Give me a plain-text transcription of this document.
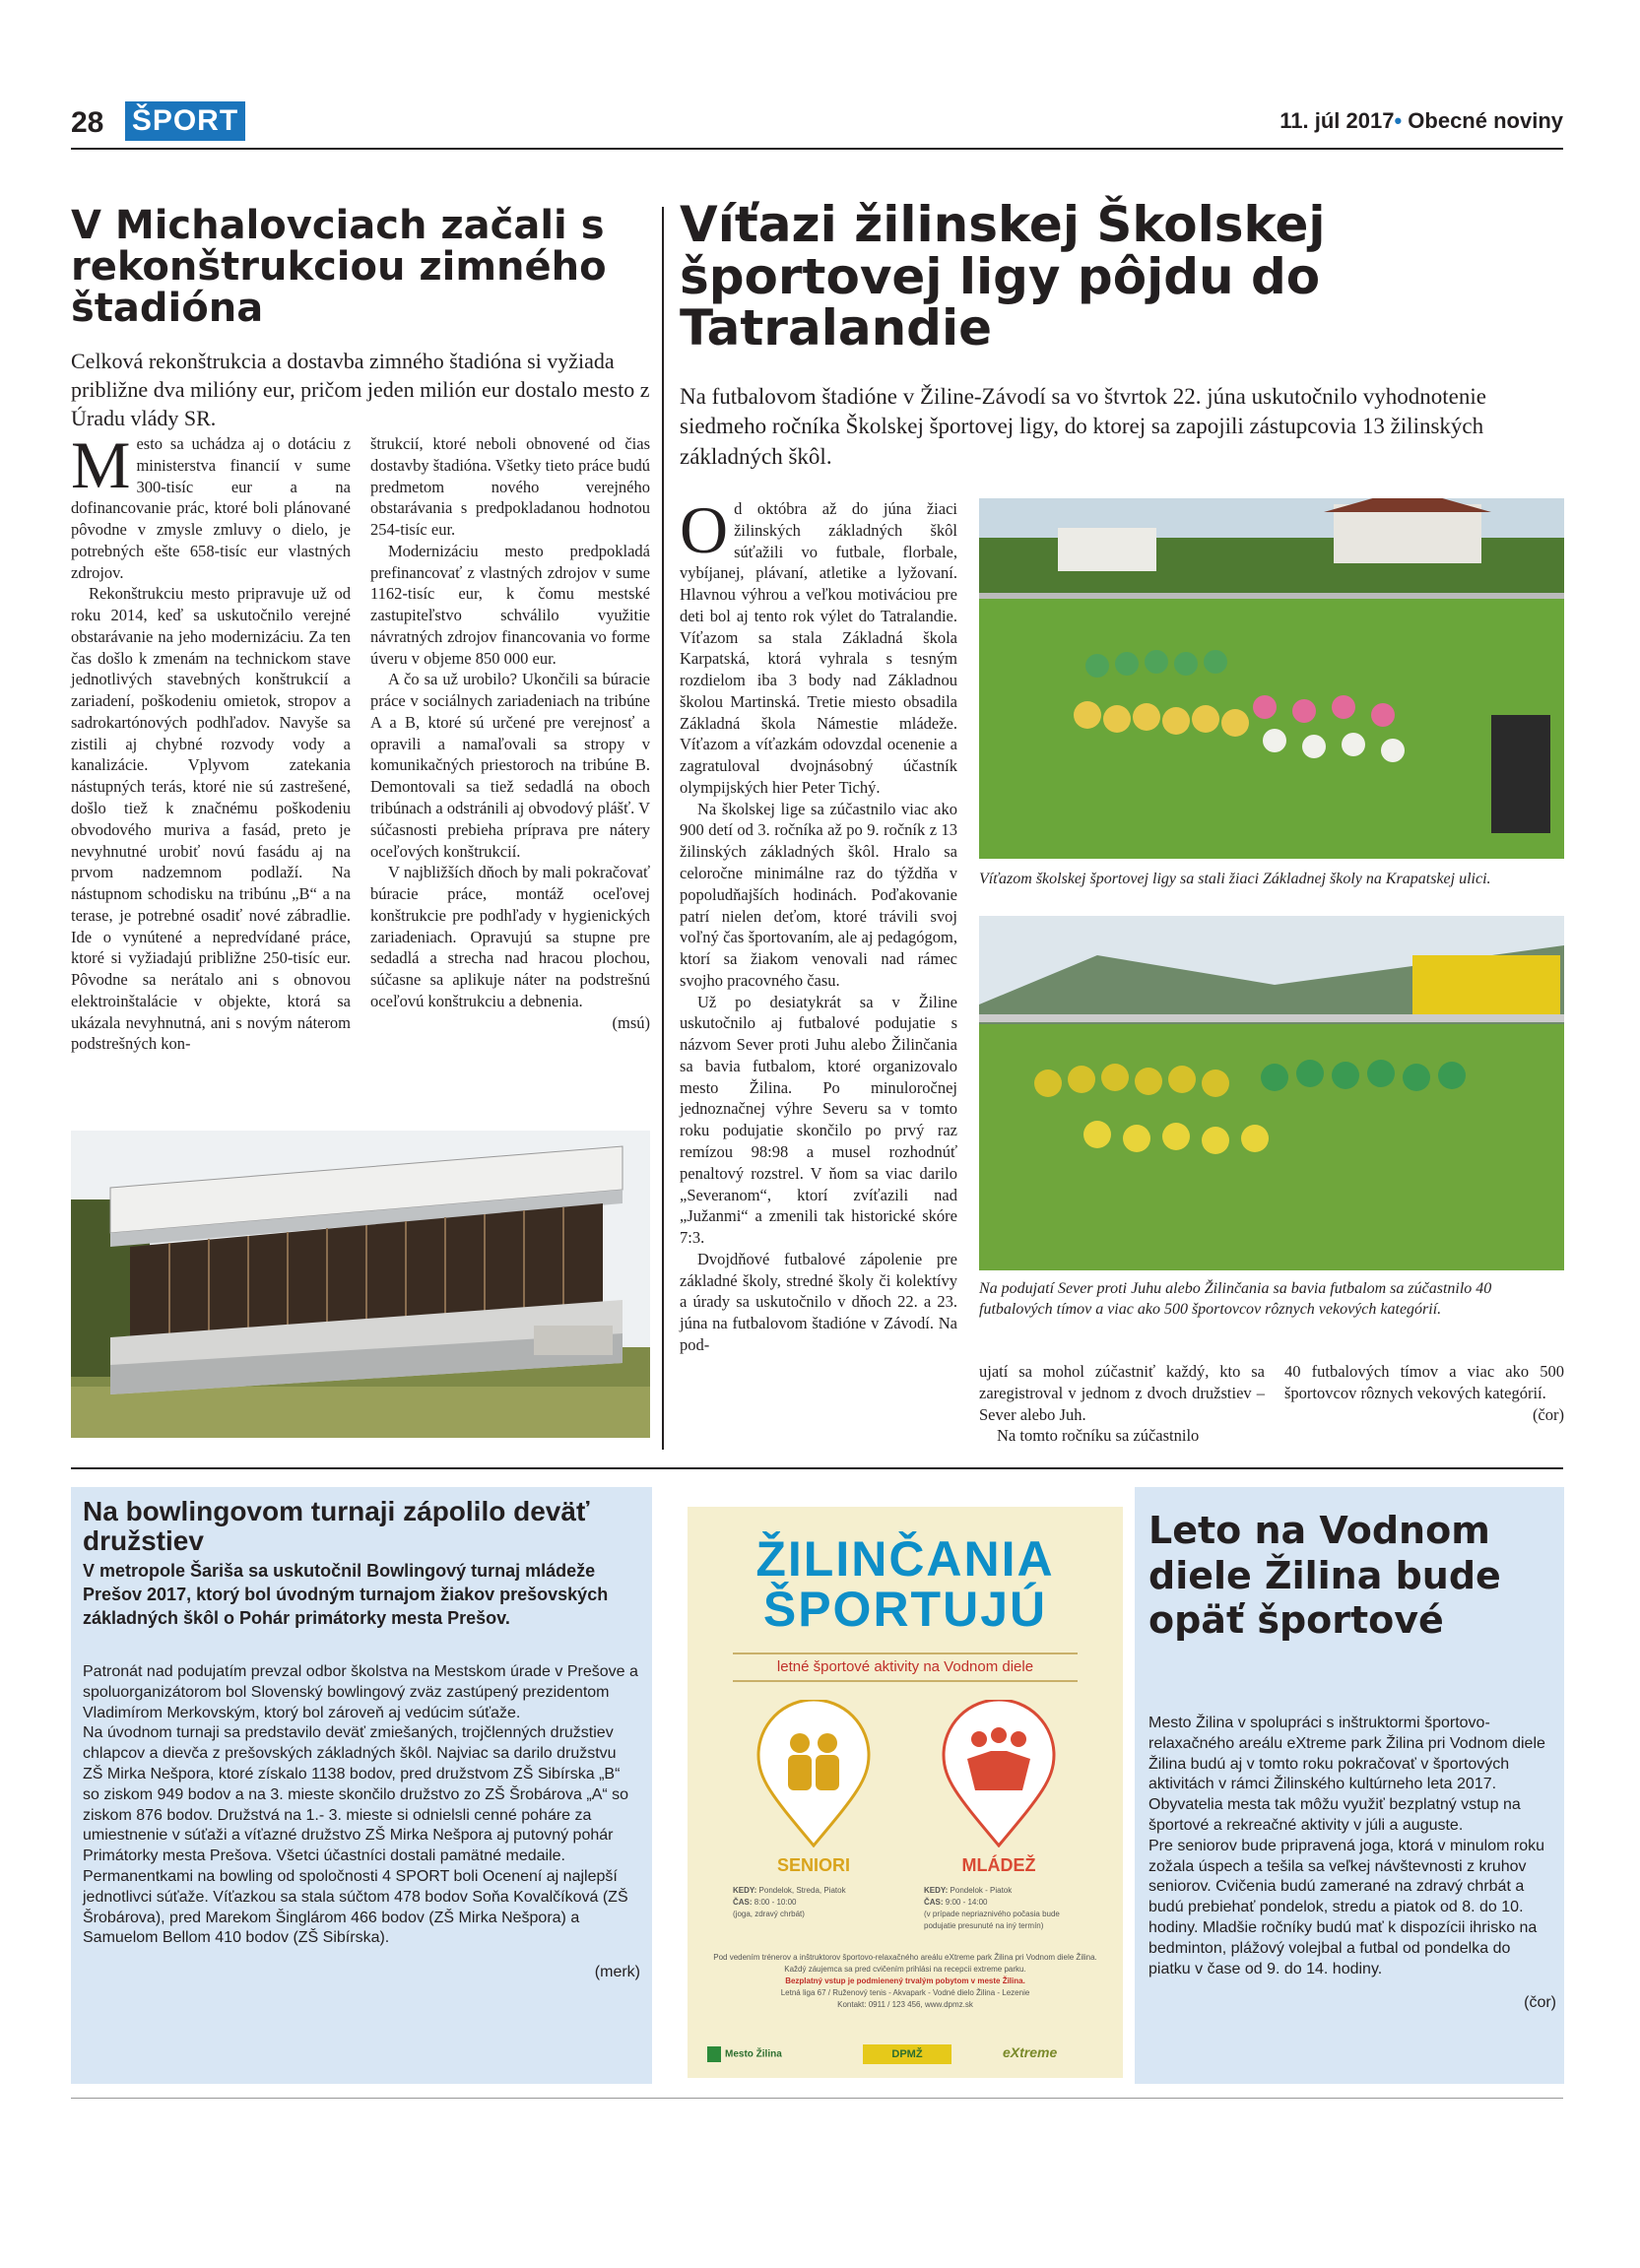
28 ŠPORT	11. júl 2017• Obecné noviny
V Michalovciach začali s rekonštrukciou zimného štadióna

Celková rekonštrukcia a dostavba zimného štadióna si vyžiada približne dva milióny eur, pričom jeden milión eur dostalo mesto z Úradu vlády SR.

Mesto sa uchádza aj o dotáciu z ministerstva financií v sume 300-tisíc eur a na dofinancovanie prác, ktoré boli plánované pôvodne v zmysle zmluvy o dielo, je potrebných ešte 658-tisíc eur vlastných zdrojov.

Rekonštrukciu mesto pripravuje už od roku 2014, keď sa uskutočnilo verejné obstarávanie na jeho modernizáciu. Za ten čas došlo k zmenám na technickom stave jednotlivých stavebných konštrukcií a zariadení, poškodeniu omietok, stropov a sadrokartónových podhľadov. Navyše sa zistili aj chybné rozvody vody a kanalizácie. Vplyvom zatekania nástupných terás, ktoré nie sú zastrešené, došlo tiež k značnému poškodeniu obvodového muriva a fasád, preto je nevyhnutné urobiť novú fasádu aj na prvom nadzemnom podlaží. Na nástupnom schodisku na tribúnu „B“ a na terase, je potrebné osadiť nové zábradlie. Ide o vynútené a nepredvídané práce, ktoré si vyžiadajú približne 250-tisíc eur. Pôvodne sa nerátalo ani s obnovou elektroinštalácie v objekte, ktorá sa ukázala nevyhnutná, ani s novým náterom podstrešných kon-

štrukcií, ktoré neboli obnovené od čias dostavby štadióna. Všetky tieto práce budú predmetom nového verejného obstarávania s predpokladanou hodnotou 254-tisíc eur.

Modernizáciu mesto predpokladá prefinancovať z vlastných zdrojov v sume 1162-tisíc eur, k čomu mestské zastupiteľstvo schválilo využitie návratných zdrojov financovania vo forme úveru v objeme 850 000 eur.

A čo sa už urobilo? Ukončili sa búracie práce v sociálnych zariadeniach na tribúne A a B, ktoré sú určené pre verejnosť a opravili a namaľovali sa stropy v komunikačných priestoroch na tribúne B. Demontovali sa tiež sedadlá na oboch tribúnach a odstránili aj obvodový plášť. V súčasnosti prebieha príprava pre nátery oceľových konštrukcií.

V najbližších dňoch by mali pokračovať búracie práce, montáž oceľovej konštrukcie pre podhľady v hygienických zariadeniach. Opravujú sa stupne pre sedadlá a strecha nad hracou plochou, súčasne sa aplikuje náter na podstrešnú oceľovú konštrukciu a debnenia.

(msú)

Víťazi žilinskej Školskej športovej ligy pôjdu do Tatralandie

Na futbalovom štadióne v Žiline-Závodí sa vo štvrtok 22. júna uskutočnilo vyhodnotenie siedmeho ročníka Školskej športovej ligy, do ktorej sa zapojili zástupcovia 13 žilinských základných škôl.

Od októbra až do júna žiaci žilinských základných škôl súťažili vo futbale, florbale, vybíjanej, plávaní, atletike a lyžovaní. Hlavnou výhrou a veľkou motiváciou pre deti bol aj tento rok výlet do Tatralandie. Víťazom sa stala Základná škola Karpatská, ktorá vyhrala s tesným rozdielom iba 3 body nad Základnou školou Martinská. Tretie miesto obsadila Základná škola Námestie mládeže. Víťazom a víťazkám odovzdal ocenenie a zagratuloval dvojnásobný účastník olympijských hier Peter Tichý.

Na školskej lige sa zúčastnilo viac ako 900 detí od 3. ročníka až po 9. ročník z 13 žilinských základných škôl. Hralo sa celoročne minimálne raz do týždňa v popoludňajších hodinách. Poďakovanie patrí nielen deťom, ktoré trávili svoj voľný čas športovaním, ale aj pedagógom, ktorí sa žiakom venovali nad rámec svojho pracovného času.

Už po desiatykrát sa v Žiline uskutočnilo aj futbalové podujatie s názvom Sever proti Juhu alebo Žilinčania sa bavia futbalom, ktoré organizovalo mesto Žilina. Po minuloročnej jednoznačnej výhre Severu sa v tomto roku podujatie skončilo po prvý raz remízou 98:98 a musel rozhodnúť penaltový rozstrel. V ňom sa viac darilo „Severanom“, ktorí zvíťazili nad „Južanmi“ a zmenili tak historické skóre 7:3.

Dvojdňové futbalové zápolenie pre základné školy, stredné školy či kolektívy a úrady sa uskutočnilo v dňoch 22. a 23. júna na futbalovom štadióne v Závodí. Na pod-

Víťazom školskej športovej ligy sa stali žiaci Základnej školy na Krapatskej ulici.

Na podujatí Sever proti Juhu alebo Žilinčania sa bavia futbalom sa zúčastnilo 40 futbalových tímov a viac ako 500 športovcov rôznych vekových kategórií.

ujatí sa mohol zúčastniť každý, kto sa zaregistroval v jednom z dvoch družstiev – Sever alebo Juh.

Na tomto ročníku sa zúčastnilo

40 futbalových tímov a viac ako 500 športovcov rôznych vekových kategórií.

(čor)

Na bowlingovom turnaji zápolilo deväť družstiev

V metropole Šariša sa uskutočnil Bowlingový turnaj mládeže Prešov 2017, ktorý bol úvodným turnajom žiakov prešovských základných škôl o Pohár primátorky mesta Prešov.

Patronát nad podujatím prevzal odbor školstva na Mestskom úrade v Prešove a spoluorganizátorom bol Slovenský bowlingový zväz zastúpený prezidentom Vladimírom Merkovským, ktorý bol zároveň aj vedúcim súťaže.

Na úvodnom turnaji sa predstavilo deväť zmiešaných, trojčlenných družstiev chlapcov a dievča z prešovských základných škôl. Najviac sa darilo družstvu ZŠ Mirka Nešpora, ktoré získalo 1138 bodov, pred družstvom ZŠ Sibírska „B“ so ziskom 949 bodov a na 3. mieste skončilo družstvo zo ZŠ Šrobárova „A“ so ziskom 876 bodov. Družstvá na 1.- 3. mieste si odnielsli cenné poháre za umiestnenie v súťaži a víťazné družstvo ZŠ Mirka Nešpora aj putovný pohár Primátorky mesta Prešova. Všetci účastníci dostali pamätné medaile.

Permanentkami na bowling od spoločnosti 4 SPORT boli Ocenení aj najlepší jednotlivci súťaže. Víťazkou sa stala súčtom 478 bodov Soňa Kovalčíková (ZŠ Šrobárova), pred Marekom Šinglárom 466 bodov (ZŠ Mirka Nešpora) a Samuelom Bellom 410 bodov (ZŠ Sibírska).

(merk)

ŽILINČANIA
ŠPORTUJÚ
letné športové aktivity na Vodnom diele
SENIORI	MLÁDEŽ
KEDY: Pondelok, Streda, Piatok
ČAS: 8:00 - 10:00
(joga, zdravý chrbát)
KEDY: Pondelok - Piatok
ČAS: 9:00 - 14:00
(v prípade nepriaznivého počasia bude podujatie presunuté na iný termín)
Pod vedením trénerov a inštruktorov športovo-relaxačného areálu eXtreme park Žilina pri Vodnom diele Žilina. Každý záujemca sa pred cvičením prihlási na recepcii extreme parku.
Bezplatný vstup je podmienený trvalým pobytom v meste Žilina.
Letná liga 67 / Ruženový tenis - Akvapark - Vodné dielo Žilina - Lezenie
Kontakt: 0911 / 123 456, www.dpmz.sk
Mesto Žilina	DPMŽ	eXtreme
Leto na Vodnom diele Žilina bude opäť športové

Mesto Žilina v spolupráci s inštruktormi športovo-relaxačného areálu eXtreme park Žilina pri Vodnom diele Žilina budú aj v tomto roku pokračovať v športových aktivitách v rámci Žilinského kultúrneho leta 2017. Obyvatelia mesta tak môžu využiť bezplatný vstup na športové a rekreačné aktivity v júli a auguste.

Pre seniorov bude pripravená joga, ktorá v minulom roku zožala úspech a tešila sa veľkej návštevnosti z kruhov seniorov. Cvičenia budú zamerané na zdravý chrbát a budú prebiehať pondelok, stredu a piatok od 8. do 10. hodiny. Mladšie ročníky budú mať k dispozícii ihrisko na bedminton, plážový volejbal a futbal od pondelka do piatku v čase od 9. do 14. hodiny.

(čor)
